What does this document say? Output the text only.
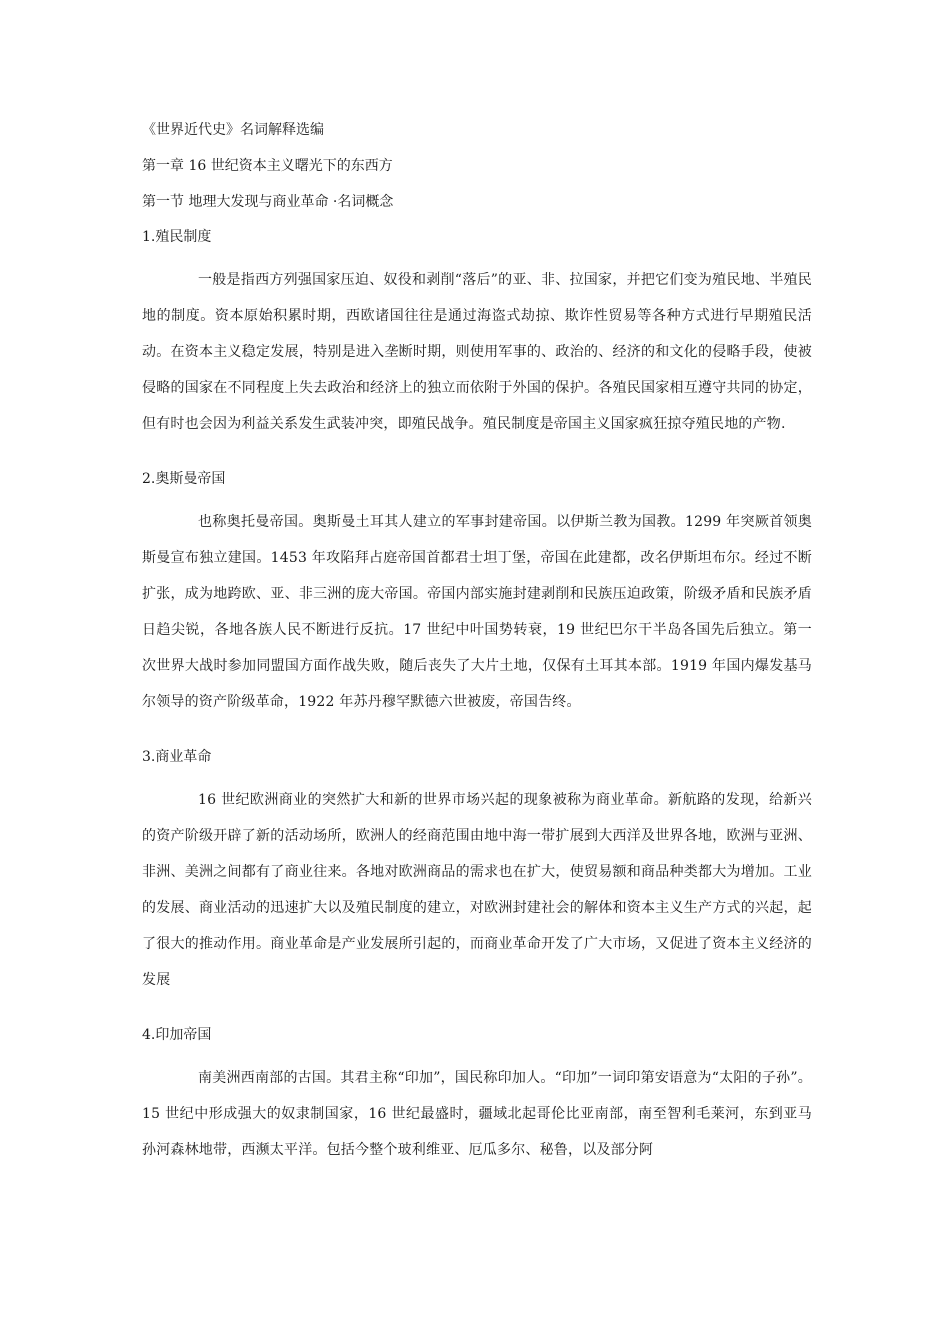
《世界近代史》名词解释选编
第一章 16 世纪资本主义曙光下的东西方
第一节 地理大发现与商业革命 ·名词概念
1.殖民制度

一般是指西方列强国家压迫、奴役和剥削“落后”的亚、非、拉国家，并把它们变为殖民地、半殖民地的制度。资本原始积累时期，西欧诸国往往是通过海盗式劫掠、欺诈性贸易等各种方式进行早期殖民活动。在资本主义稳定发展，特别是进入垄断时期，则使用军事的、政治的、经济的和文化的侵略手段，使被侵略的国家在不同程度上失去政治和经济上的独立而依附于外国的保护。各殖民国家相互遵守共同的协定，但有时也会因为利益关系发生武装冲突，即殖民战争。殖民制度是帝国主义国家疯狂掠夺殖民地的产物.

2.奥斯曼帝国

也称奥托曼帝国。奥斯曼土耳其人建立的军事封建帝国。以伊斯兰教为国教。1299 年突厥首领奥斯曼宣布独立建国。1453 年攻陷拜占庭帝国首都君士坦丁堡，帝国在此建都，改名伊斯坦布尔。经过不断扩张，成为地跨欧、亚、非三洲的庞大帝国。帝国内部实施封建剥削和民族压迫政策，阶级矛盾和民族矛盾日趋尖锐，各地各族人民不断进行反抗。17 世纪中叶国势转衰，19 世纪巴尔干半岛各国先后独立。第一次世界大战时参加同盟国方面作战失败，随后丧失了大片土地，仅保有土耳其本部。1919 年国内爆发基马尔领导的资产阶级革命，1922 年苏丹穆罕默德六世被废，帝国告终。

3.商业革命

16 世纪欧洲商业的突然扩大和新的世界市场兴起的现象被称为商业革命。新航路的发现，给新兴的资产阶级开辟了新的活动场所，欧洲人的经商范围由地中海一带扩展到大西洋及世界各地，欧洲与亚洲、非洲、美洲之间都有了商业往来。各地对欧洲商品的需求也在扩大，使贸易额和商品种类都大为增加。工业的发展、商业活动的迅速扩大以及殖民制度的建立，对欧洲封建社会的解体和资本主义生产方式的兴起，起了很大的推动作用。商业革命是产业发展所引起的，而商业革命开发了广大市场，又促进了资本主义经济的发展

4.印加帝国

南美洲西南部的古国。其君主称“印加”，国民称印加人。“印加”一词印第安语意为“太阳的子孙”。15 世纪中形成强大的奴隶制国家，16 世纪最盛时，疆域北起哥伦比亚南部，南至智利毛莱河，东到亚马孙河森林地带，西濒太平洋。包括今整个玻利维亚、厄瓜多尔、秘鲁，以及部分阿
